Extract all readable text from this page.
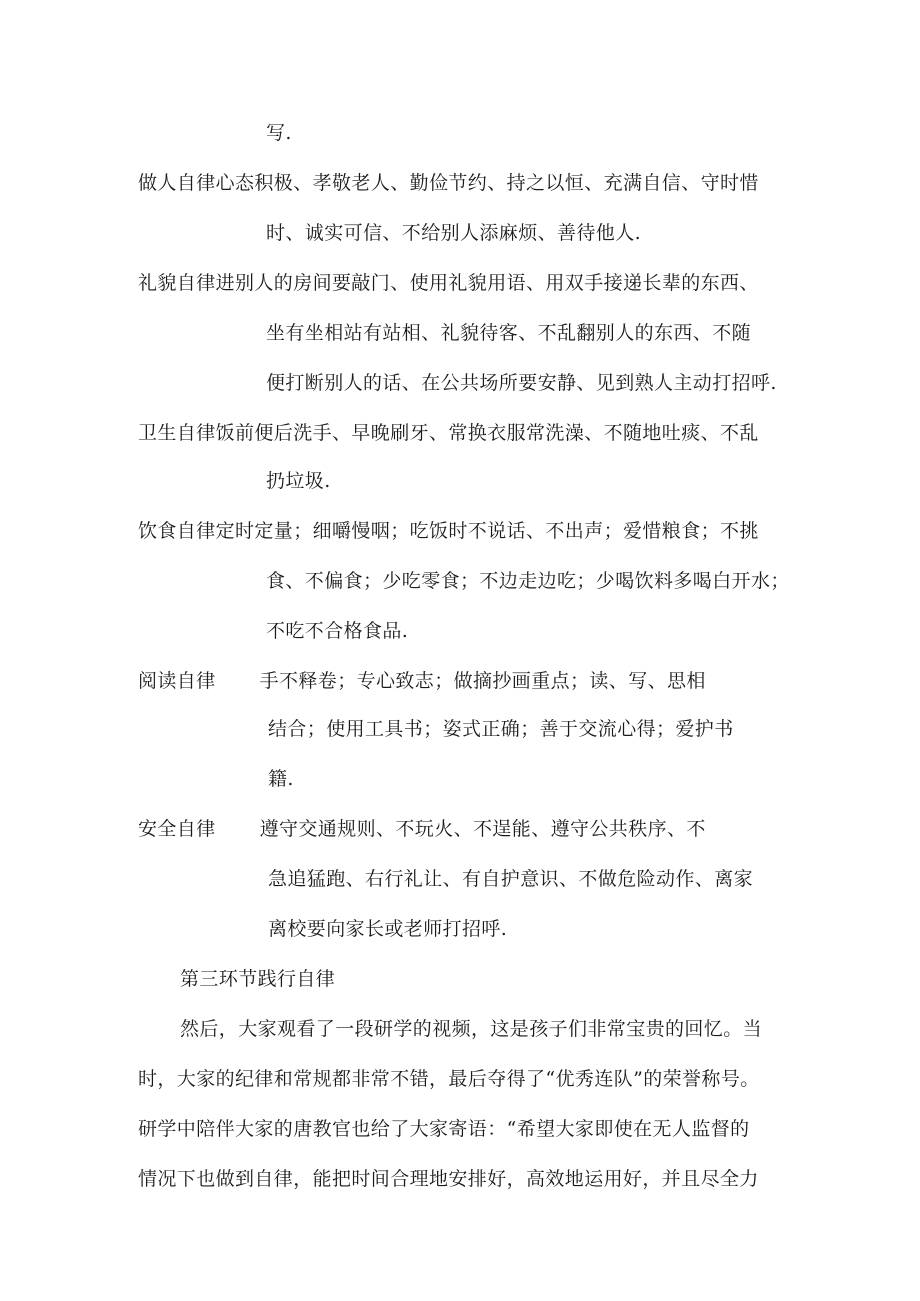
写.
做人自律心态积极、孝敬老人、勤俭节约、持之以恒、充满自信、守时惜
时、诚实可信、不给别人添麻烦、善待他人.
礼貌自律进别人的房间要敲门、使用礼貌用语、用双手接递长辈的东西、
坐有坐相站有站相、礼貌待客、不乱翻别人的东西、不随
便打断别人的话、在公共场所要安静、见到熟人主动打招呼.
卫生自律饭前便后洗手、早晚刷牙、常换衣服常洗澡、不随地吐痰、不乱
扔垃圾.
饮食自律定时定量；细嚼慢咽；吃饭时不说话、不出声；爱惜粮食；不挑
食、不偏食；少吃零食；不边走边吃；少喝饮料多喝白开水；
不吃不合格食品.
阅读自律 手不释卷；专心致志；做摘抄画重点；读、写、思相
结合；使用工具书；姿式正确；善于交流心得；爱护书
籍.
安全自律 遵守交通规则、不玩火、不逞能、遵守公共秩序、不
急追猛跑、右行礼让、有自护意识、不做危险动作、离家
离校要向家长或老师打招呼.
第三环节践行自律
然后，大家观看了一段研学的视频，这是孩子们非常宝贵的回忆。当
时，大家的纪律和常规都非常不错，最后夺得了“优秀连队”的荣誉称号。
研学中陪伴大家的唐教官也给了大家寄语：“希望大家即使在无人监督的
情况下也做到自律，能把时间合理地安排好，高效地运用好，并且尽全力
